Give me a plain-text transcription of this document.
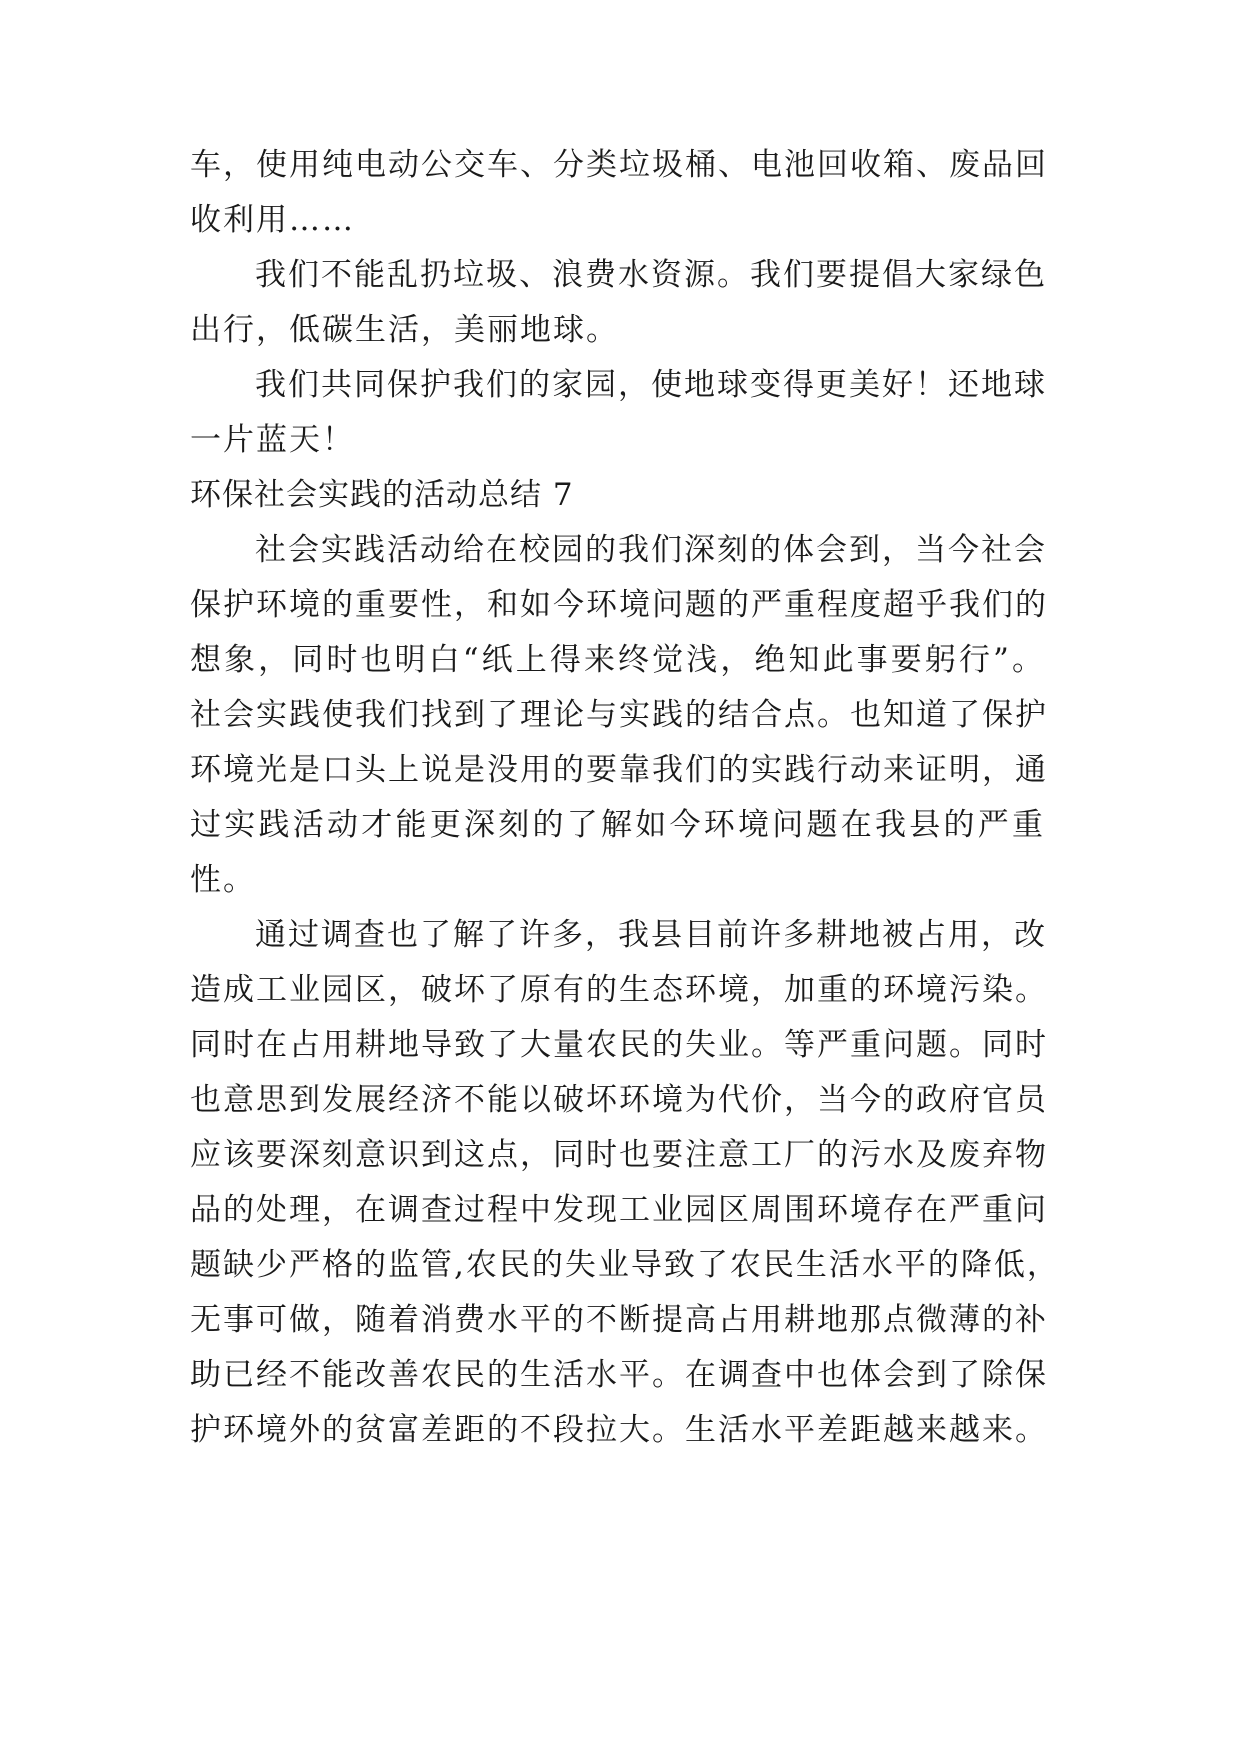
车，使用纯电动公交车、分类垃圾桶、电池回收箱、废品回
收利用……
我们不能乱扔垃圾、浪费水资源。我们要提倡大家绿色
出行，低碳生活，美丽地球。
我们共同保护我们的家园，使地球变得更美好！还地球
一片蓝天！
环保社会实践的活动总结 7
社会实践活动给在校园的我们深刻的体会到，当今社会
保护环境的重要性，和如今环境问题的严重程度超乎我们的
想象，同时也明白“纸上得来终觉浅，绝知此事要躬行”。
社会实践使我们找到了理论与实践的结合点。也知道了保护
环境光是口头上说是没用的要靠我们的实践行动来证明，通
过实践活动才能更深刻的了解如今环境问题在我县的严重
性。
通过调查也了解了许多，我县目前许多耕地被占用，改
造成工业园区，破坏了原有的生态环境，加重的环境污染。
同时在占用耕地导致了大量农民的失业。等严重问题。同时
也意思到发展经济不能以破坏环境为代价，当今的政府官员
应该要深刻意识到这点，同时也要注意工厂的污水及废弃物
品的处理，在调查过程中发现工业园区周围环境存在严重问
题缺少严格的监管,农民的失业导致了农民生活水平的降低，
无事可做，随着消费水平的不断提高占用耕地那点微薄的补
助已经不能改善农民的生活水平。在调查中也体会到了除保
护环境外的贫富差距的不段拉大。生活水平差距越来越来。
